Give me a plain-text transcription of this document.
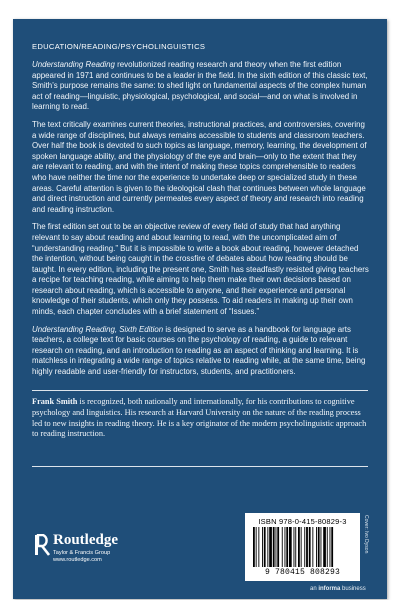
EDUCATION/READING/PSYCHOLINGUISTICS

Understanding Reading revolutionized reading research and theory when the first edition appeared in 1971 and continues to be a leader in the field. In the sixth edition of this classic text, Smith’s purpose remains the same: to shed light on fundamental aspects of the complex human act of reading—linguistic, physiological, psychological, and social—and on what is involved in learning to read.

The text critically examines current theories, instructional practices, and controversies, covering a wide range of disciplines, but always remains accessible to students and classroom teachers. Over half the book is devoted to such topics as language, memory, learning, the development of spoken language ability, and the physiology of the eye and brain—only to the extent that they are relevant to reading, and with the intent of making these topics comprehensible to readers who have neither the time nor the experience to undertake deep or specialized study in these areas. Careful attention is given to the ideological clash that continues between whole language and direct instruction and currently permeates every aspect of theory and research into reading and reading instruction.

The first edition set out to be an objective review of every field of study that had anything relevant to say about reading and about learning to read, with the uncomplicated aim of “understanding reading.” But it is impossible to write a book about reading, however detached the intention, without being caught in the crossfire of debates about how reading should be taught. In every edition, including the present one, Smith has steadfastly resisted giving teachers a recipe for teaching reading, while aiming to help them make their own decisions based on research about reading, which is accessible to anyone, and their experience and personal knowledge of their students, which only they possess. To aid readers in making up their own minds, each chapter concludes with a brief statement of “Issues.”

Understanding Reading, Sixth Edition is designed to serve as a handbook for language arts teachers, a college text for basic courses on the psychology of reading, a guide to relevant research on reading, and an introduction to reading as an aspect of thinking and learning. It is matchless in integrating a wide range of topics relative to reading while, at the same time, being highly readable and user-friendly for instructors, students, and practitioners.

Frank Smith is recognized, both nationally and internationally, for his contributions to cognitive psychology and linguistics. His research at Harvard University on the nature of the reading process led to new insights in reading theory. He is a key originator of the modern psycholinguistic approach to reading instruction.
Routledge
Taylor & Francis Group
www.routledge.com
ISBN 978-0-415-80829-3
9 780415 808293
Cover: Ivo Dyson
an informa business
